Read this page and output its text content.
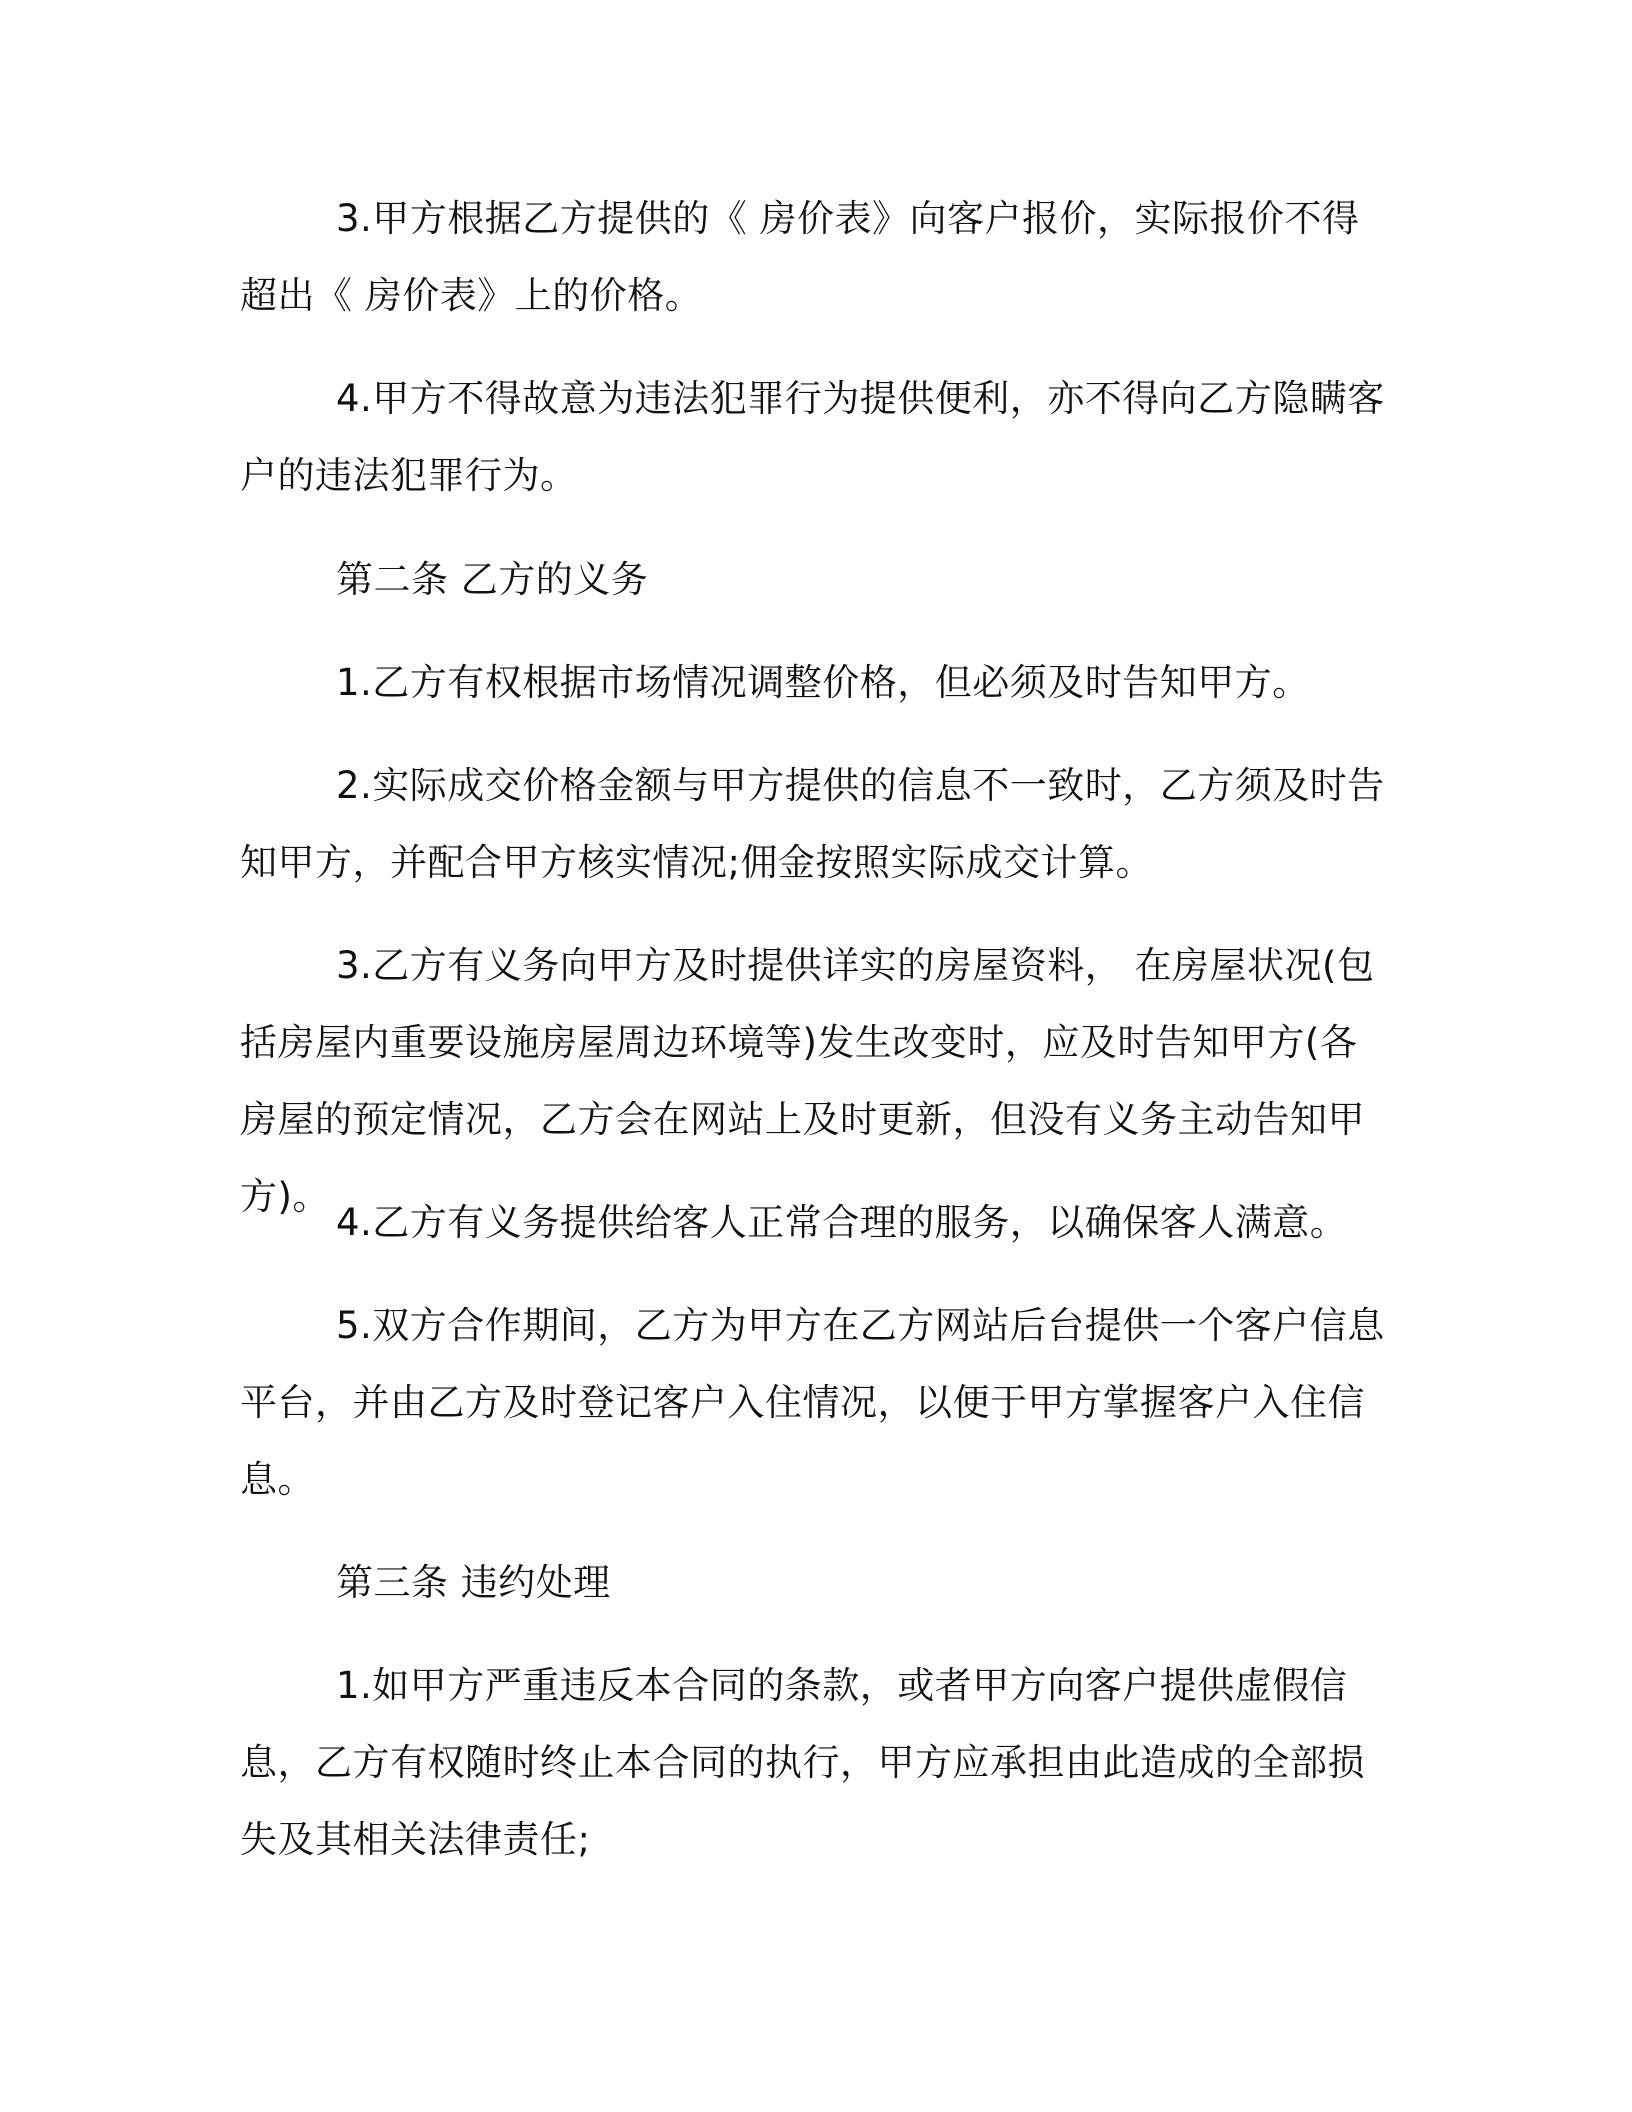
3.甲方根据乙方提供的《 房价表》向客户报价，实际报价不得超出《 房价表》上的价格。

4.甲方不得故意为违法犯罪行为提供便利，亦不得向乙方隐瞒客户的违法犯罪行为。

第二条 乙方的义务

1.乙方有权根据市场情况调整价格，但必须及时告知甲方。

2.实际成交价格金额与甲方提供的信息不一致时，乙方须及时告知甲方，并配合甲方核实情况;佣金按照实际成交计算。

3.乙方有义务向甲方及时提供详实的房屋资料， 在房屋状况(包括房屋内重要设施房屋周边环境等)发生改变时，应及时告知甲方(各房屋的预定情况，乙方会在网站上及时更新，但没有义务主动告知甲方)。

4.乙方有义务提供给客人正常合理的服务，以确保客人满意。

5.双方合作期间，乙方为甲方在乙方网站后台提供一个客户信息平台，并由乙方及时登记客户入住情况，以便于甲方掌握客户入住信息。

第三条 违约处理

1.如甲方严重违反本合同的条款，或者甲方向客户提供虚假信息，乙方有权随时终止本合同的执行，甲方应承担由此造成的全部损失及其相关法律责任;
